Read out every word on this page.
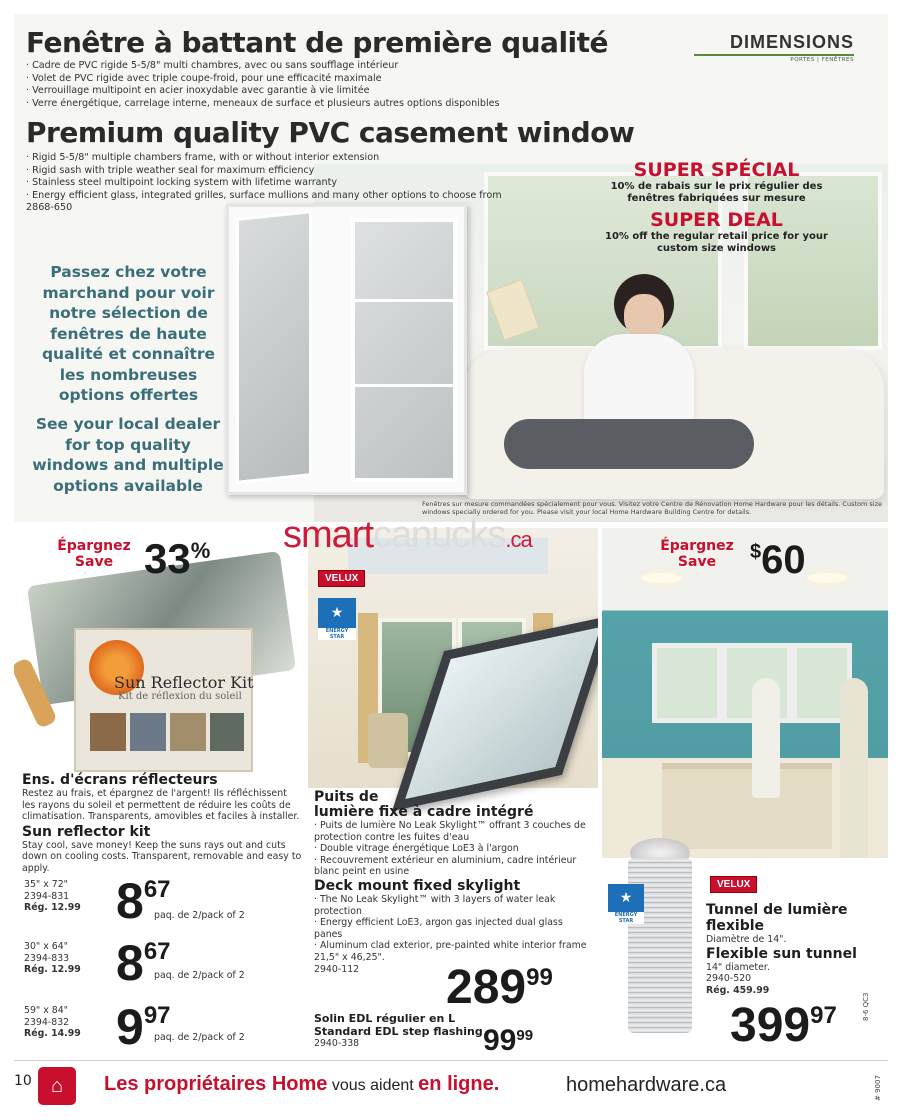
DIMENSIONS
PORTES | FENÊTRES
Fenêtre à battant de première qualité
· Cadre de PVC rigide 5-5/8" multi chambres, avec ou sans soufflage intérieur
· Volet de PVC rigide avec triple coupe-froid, pour une efficacité maximale
· Verrouillage multipoint en acier inoxydable avec garantie à vie limitée
· Verre énergétique, carrelage interne, meneaux de surface et plusieurs autres options disponibles
Premium quality PVC casement window
· Rigid 5-5/8" multiple chambers frame, with or without interior extension
· Rigid sash with triple weather seal for maximum efficiency
· Stainless steel multipoint locking system with lifetime warranty
· Energy efficient glass, integrated grilles, surface mullions and many other options to choose from
2868-650
SUPER SPÉCIAL
10% de rabais sur le prix régulier des fenêtres fabriquées sur mesure
SUPER DEAL
10% off the regular retail price for your custom size windows
Passez chez votre marchand pour voir notre sélection de fenêtres de haute qualité et connaître les nombreuses options offertes
See your local dealer for top quality windows and multiple options available
Fenêtres sur mesure commandées spécialement pour vous. Visitez votre Centre de Rénovation Home Hardware pour les détails. Custom size windows specially ordered for you. Please visit your local Home Hardware Building Centre for details.
smartcanucks.ca
Sun Reflector Kit
Kit de réflexion du soleil
Épargnez
Save 33%
Ens. d'écrans réflecteurs
Restez au frais, et épargnez de l'argent! Ils réfléchissent les rayons du soleil et permettent de réduire les coûts de climatisation. Transparents, amovibles et faciles à installer.
Sun reflector kit
Stay cool, save money! Keep the suns rays out and cuts down on cooling costs. Transparent, removable and easy to apply.
35" x 72"
2394-831
Rég. 12.99 $8^{67}$
paq. de 2/pack of 2
30" x 64"
2394-833
Rég. 12.99 $8^{67}$
paq. de 2/pack of 2
59" x 84"
2394-832
Rég. 14.99 $9^{97}$
paq. de 2/pack of 2
VELUX
★
ENERGY STAR
Puits de
lumière fixe à cadre intégré
· Puits de lumière No Leak Skylight™ offrant 3 couches de protection contre les fuites d'eau
· Double vitrage énergétique LoE3 à l'argon
· Recouvrement extérieur en aluminium, cadre intérieur blanc peint en usine
Deck mount fixed skylight
· The No Leak Skylight™ with 3 layers of water leak protection
· Energy efficient LoE3, argon gas injected dual glass panes
· Aluminum clad exterior, pre-painted white interior frame
21,5" x 46,25".
2940-112	$289^{99}$
Solin EDL régulier en L
Standard EDL step flashing
2940-338	$99^{99}$
Épargnez
Save	$60
VELUX
★
ENERGY STAR
Tunnel de lumière flexible
Diamètre de 14".
Flexible sun tunnel
14" diameter.
2940-520
Rég. 459.99
$399^{97}$
10 ⌂	Les propriétaires Home vous aident en ligne.	homehardware.ca
8-6 QC3
# 9007
